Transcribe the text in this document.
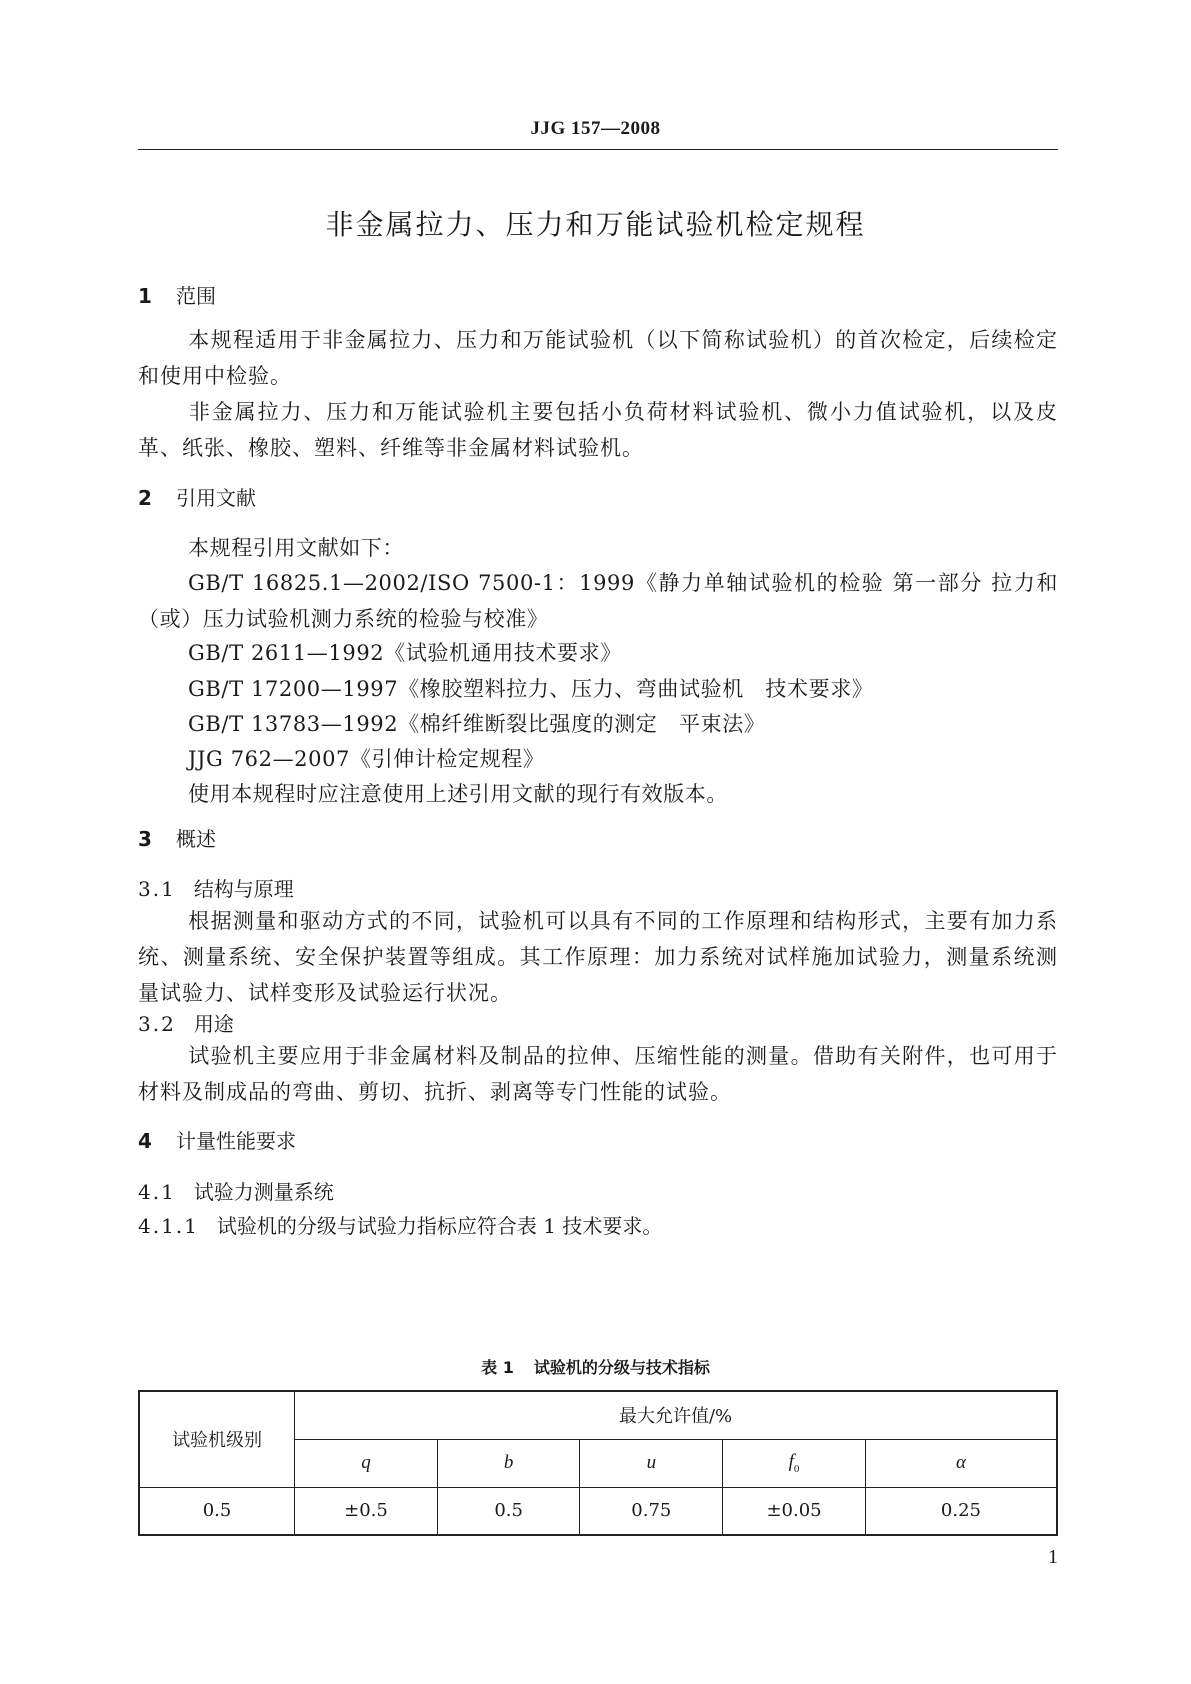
JJG 157—2008
非金属拉力、压力和万能试验机检定规程
1 范围
本规程适用于非金属拉力、压力和万能试验机（以下简称试验机）的首次检定，后续检定和使用中检验。
非金属拉力、压力和万能试验机主要包括小负荷材料试验机、微小力值试验机，以及皮革、纸张、橡胶、塑料、纤维等非金属材料试验机。
2 引用文献
本规程引用文献如下：
GB/T 16825.1—2002/ISO 7500-1：1999《静力单轴试验机的检验 第一部分 拉力和（或）压力试验机测力系统的检验与校准》
GB/T 2611—1992《试验机通用技术要求》
GB/T 17200—1997《橡胶塑料拉力、压力、弯曲试验机　技术要求》
GB/T 13783—1992《棉纤维断裂比强度的测定　平束法》
JJG 762—2007《引伸计检定规程》
使用本规程时应注意使用上述引用文献的现行有效版本。
3 概述
3.1 结构与原理
根据测量和驱动方式的不同，试验机可以具有不同的工作原理和结构形式，主要有加力系统、测量系统、安全保护装置等组成。其工作原理：加力系统对试样施加试验力，测量系统测量试验力、试样变形及试验运行状况。
3.2 用途
试验机主要应用于非金属材料及制品的拉伸、压缩性能的测量。借助有关附件，也可用于材料及制成品的弯曲、剪切、抗折、剥离等专门性能的试验。
4 计量性能要求
4.1 试验力测量系统
4.1.1 试验机的分级与试验力指标应符合表 1 技术要求。
表 1 试验机的分级与技术指标
试验机级别	最大允许值/%				
	q	b	u	$f_0$	α
0.5	±0.5	0.5	0.75	±0.05	0.25
1
